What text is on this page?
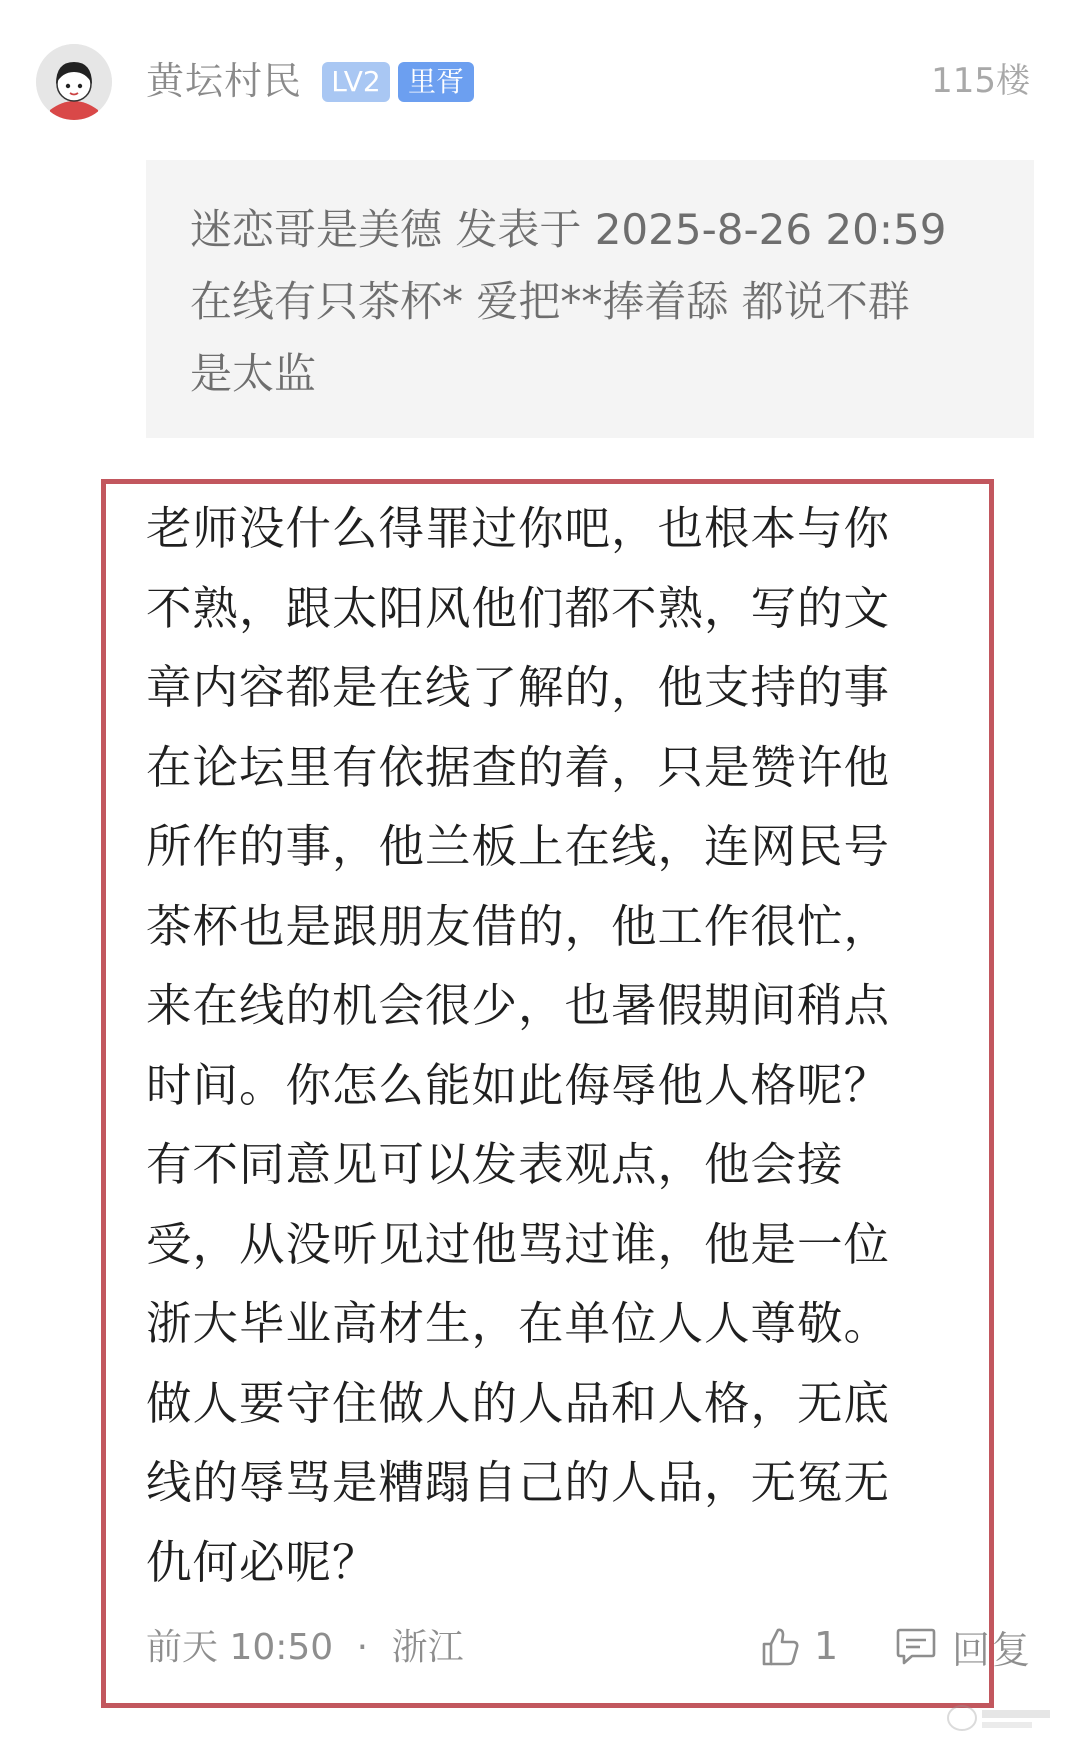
黄坛村民	LV2 里胥	115楼
迷恋哥是美德 发表于 2025-8-26 20:59
在线有只茶杯* 爱把**捧着舔 都说不群
是太监
老师没什么得罪过你吧，也根本与你
不熟，跟太阳风他们都不熟，写的文
章内容都是在线了解的，他支持的事
在论坛里有依据查的着，只是赞许他
所作的事，他兰板上在线，连网民号
茶杯也是跟朋友借的，他工作很忙，
来在线的机会很少，也暑假期间稍点
时间。你怎么能如此侮辱他人格呢？
有不同意见可以发表观点，他会接
受，从没听见过他骂过谁，他是一位
浙大毕业高材生，在单位人人尊敬。
做人要守住做人的人品和人格，无底
线的辱骂是糟蹋自己的人品，无冤无
仇何必呢？
前天 10:50 · 浙江	1	回复
